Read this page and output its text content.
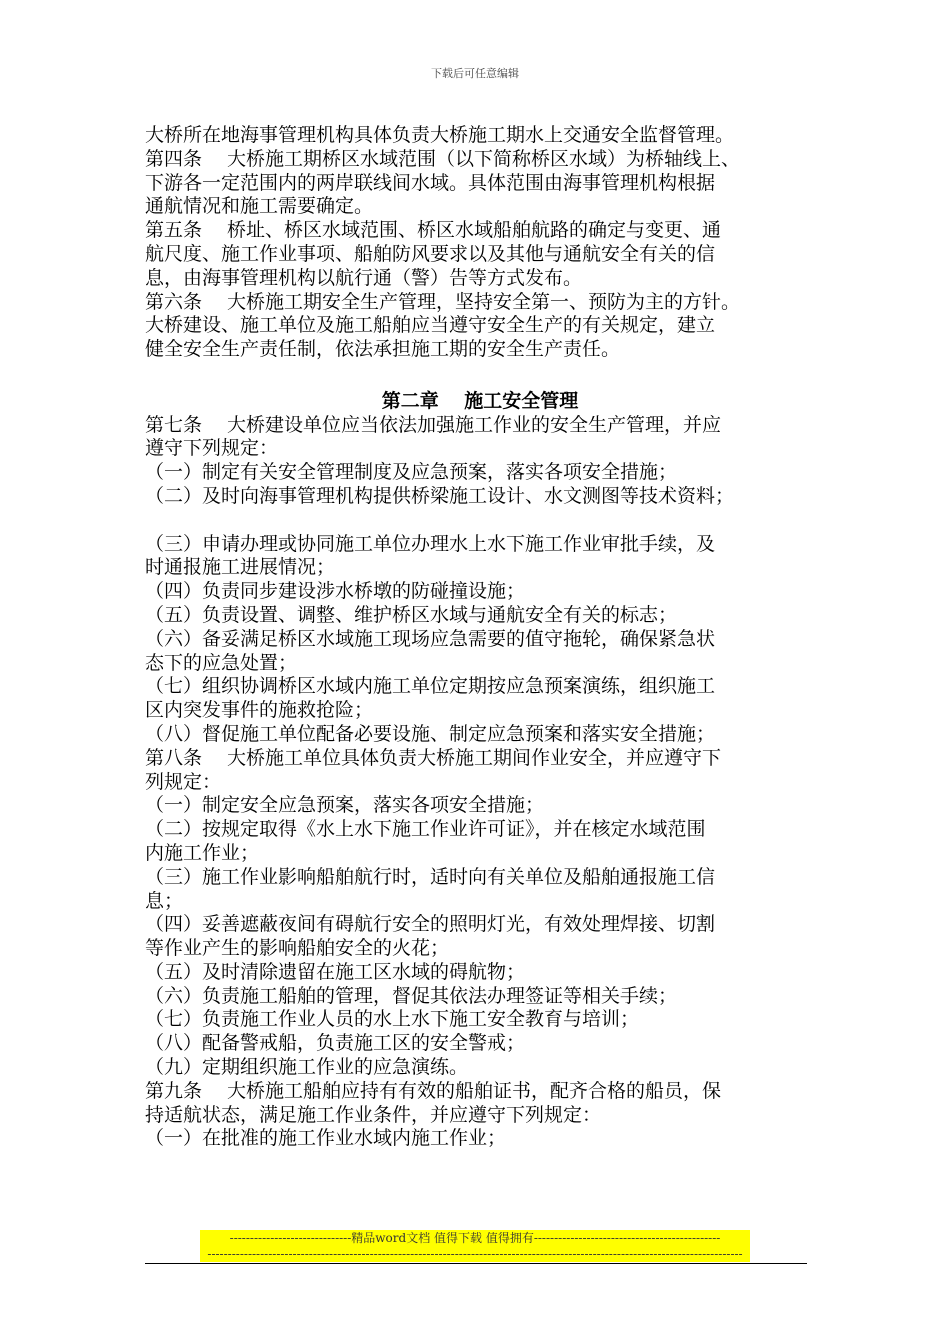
下载后可任意编辑
大桥所在地海事管理机构具体负责大桥施工期水上交通安全监督管理。
第四条　 大桥施工期桥区水域范围（以下简称桥区水域）为桥轴线上、
下游各一定范围内的两岸联线间水域。具体范围由海事管理机构根据
通航情况和施工需要确定。
第五条　 桥址、桥区水域范围、桥区水域船舶航路的确定与变更、通
航尺度、施工作业事项、船舶防风要求以及其他与通航安全有关的信
息，由海事管理机构以航行通（警）告等方式发布。
第六条　 大桥施工期安全生产管理，坚持安全第一、预防为主的方针。
大桥建设、施工单位及施工船舶应当遵守安全生产的有关规定，建立
健全安全生产责任制，依法承担施工期的安全生产责任。
第二章　 施工安全管理
第七条　 大桥建设单位应当依法加强施工作业的安全生产管理，并应
遵守下列规定：
（一）制定有关安全管理制度及应急预案，落实各项安全措施；
（二）及时向海事管理机构提供桥梁施工设计、水文测图等技术资料；
（三）申请办理或协同施工单位办理水上水下施工作业审批手续，及
时通报施工进展情况；
（四）负责同步建设涉水桥墩的防碰撞设施；
（五）负责设置、调整、维护桥区水域与通航安全有关的标志；
（六）备妥满足桥区水域施工现场应急需要的值守拖轮，确保紧急状
态下的应急处置；
（七）组织协调桥区水域内施工单位定期按应急预案演练，组织施工
区内突发事件的施救抢险；
（八）督促施工单位配备必要设施、制定应急预案和落实安全措施；
第八条　 大桥施工单位具体负责大桥施工期间作业安全，并应遵守下
列规定：
（一）制定安全应急预案，落实各项安全措施；
（二）按规定取得《水上水下施工作业许可证》，并在核定水域范围
内施工作业；
（三）施工作业影响船舶航行时，适时向有关单位及船舶通报施工信
息；
（四）妥善遮蔽夜间有碍航行安全的照明灯光，有效处理焊接、切割
等作业产生的影响船舶安全的火花；
（五）及时清除遗留在施工区水域的碍航物；
（六）负责施工船舶的管理，督促其依法办理签证等相关手续；
（七）负责施工作业人员的水上水下施工安全教育与培训；
（八）配备警戒船，负责施工区的安全警戒；
（九）定期组织施工作业的应急演练。
第九条　 大桥施工船舶应持有有效的船舶证书，配齐合格的船员，保
持适航状态，满足施工作业条件，并应遵守下列规定：
（一）在批准的施工作业水域内施工作业；
------------------------------精品word文档 值得下载 值得拥有----------------------------------------------
------------------------------------------------------------------------------------------------------------------------------------
